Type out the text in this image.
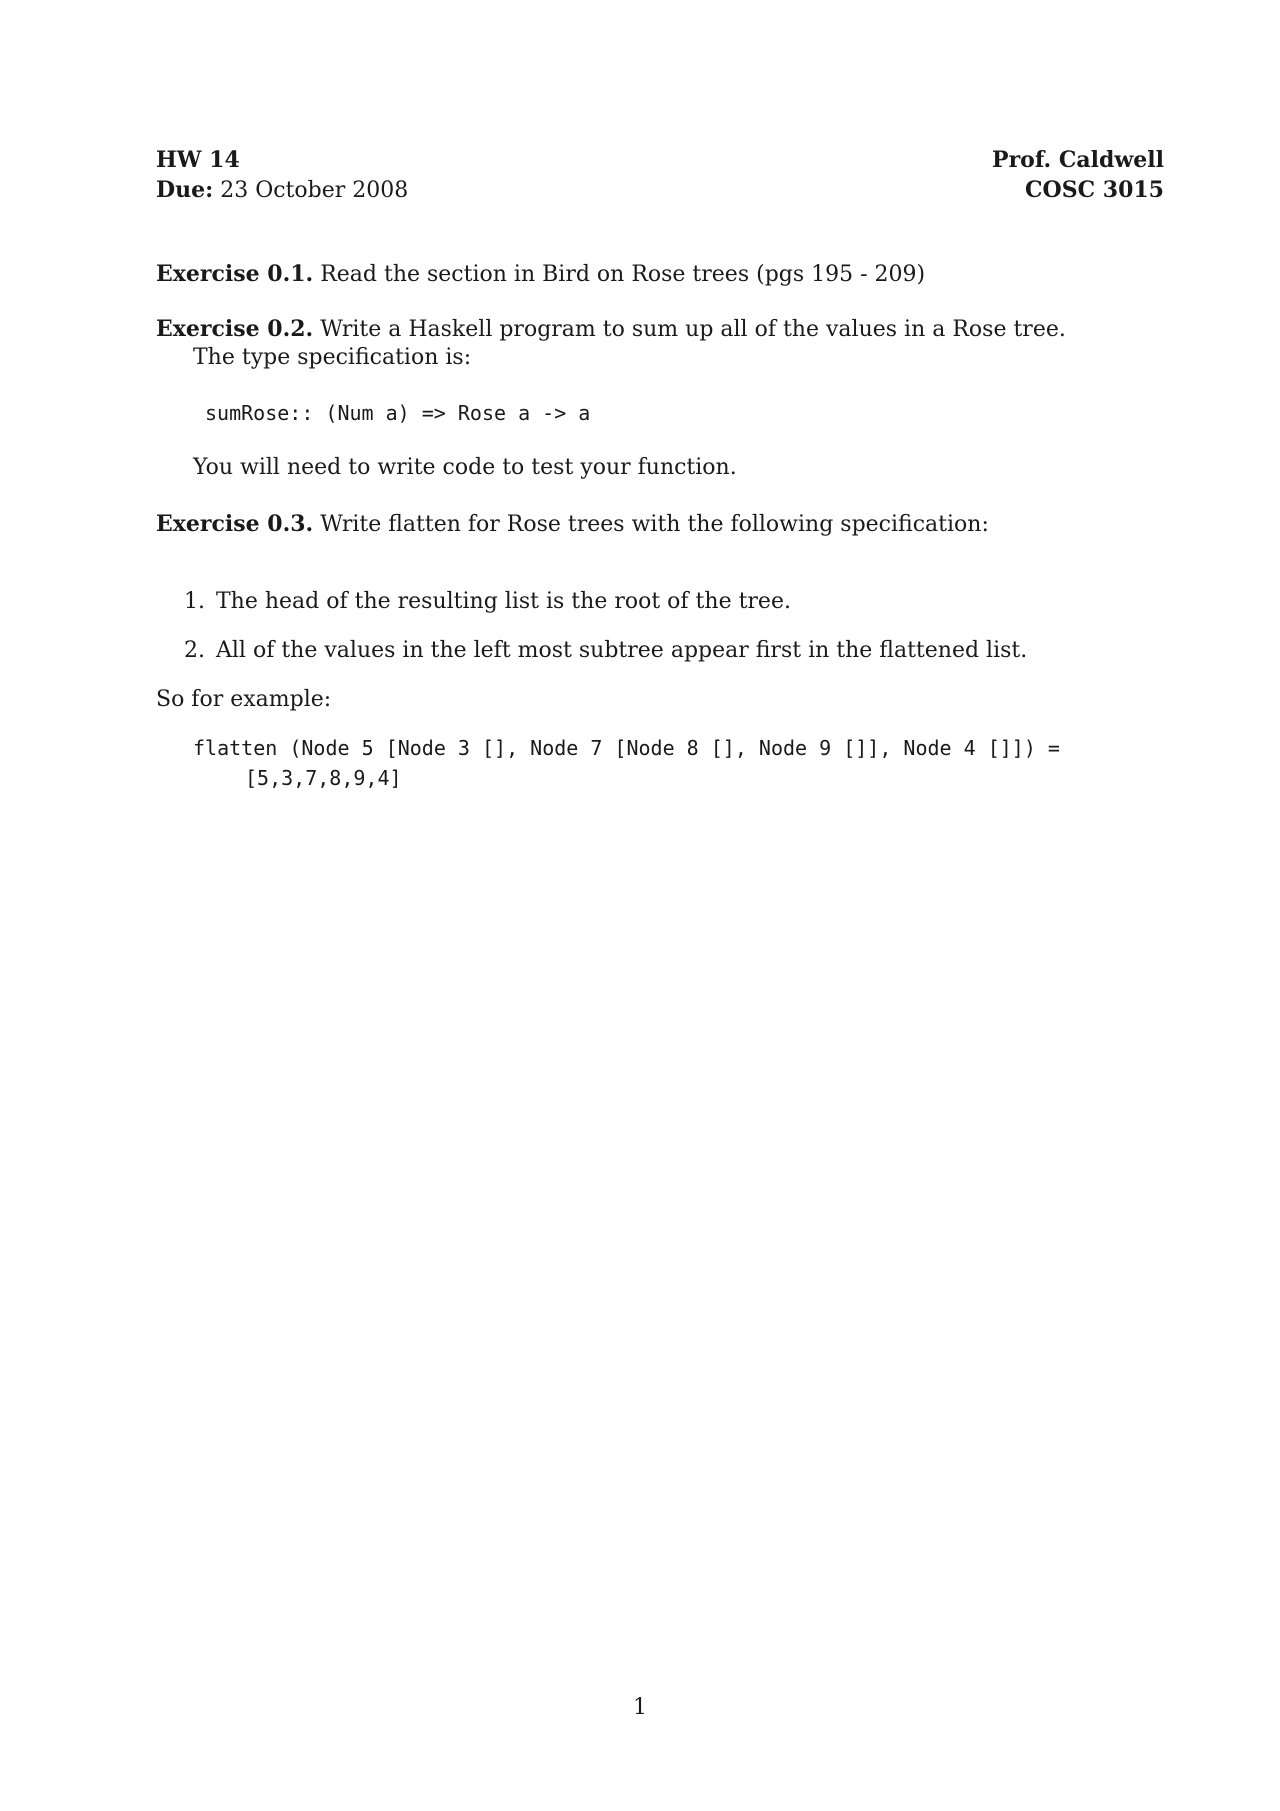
HW 14
Due: 23 October 2008
Prof. Caldwell
COSC 3015
Exercise 0.1. Read the section in Bird on Rose trees (pgs 195 - 209)
Exercise 0.2. Write a Haskell program to sum up all of the values in a Rose tree.
The type specification is:
sumRose:: (Num a) => Rose a -> a
You will need to write code to test your function.
Exercise 0.3. Write flatten for Rose trees with the following specification:
1. The head of the resulting list is the root of the tree.
2. All of the values in the left most subtree appear first in the flattened list.
So for example:
flatten (Node 5 [Node 3 [], Node 7 [Node 8 [], Node 9 []], Node 4 []]) =
[5,3,7,8,9,4]
1
